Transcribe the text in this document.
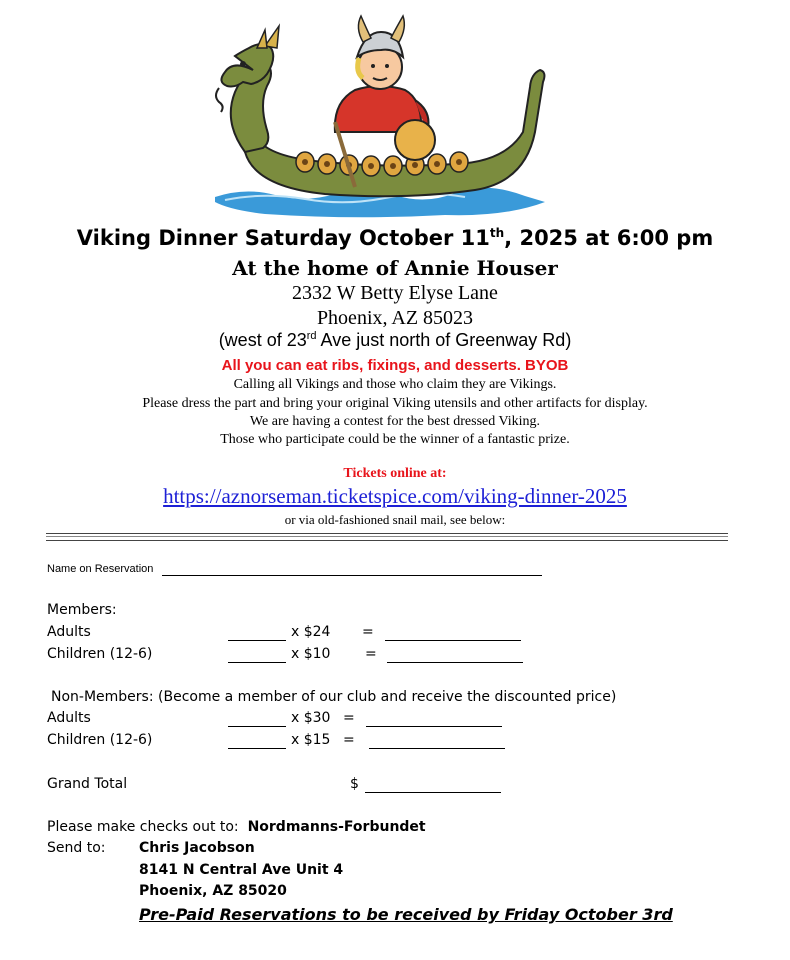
Viking Dinner Saturday October 11th, 2025 at 6:00 pm
At the home of Annie Houser
2332 W Betty Elyse Lane
Phoenix, AZ 85023
(west of 23rd Ave just north of Greenway Rd)
All you can eat ribs, fixings, and desserts. BYOB
Calling all Vikings and those who claim they are Vikings.
Please dress the part and bring your original Viking utensils and other artifacts for display.
We are having a contest for the best dressed Viking.
Those who participate could be the winner of a fantastic prize.
Tickets online at:
https://aznorseman.ticketspice.com/viking-dinner-2025
or via old-fashioned snail mail, see below:
Name on Reservation
Members:
Adults	x $24 =
Children (12-6)	x $10 =
Non-Members: (Become a member of our club and receive the discounted price)
Adults	x $30 =
Children (12-6)	x $15 =
Grand Total	$
Please make checks out to: Nordmanns-Forbundet
Send to: Chris Jacobson
8141 N Central Ave Unit 4
Phoenix, AZ 85020
Pre-Paid Reservations to be received by Friday October 3rd
